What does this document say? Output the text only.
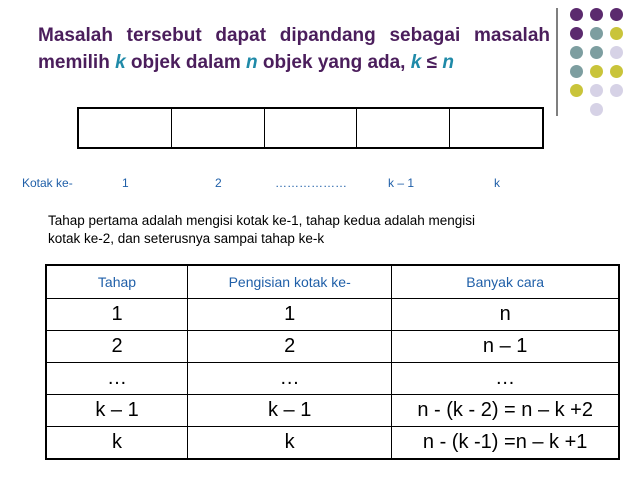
Masalah tersebut dapat dipandang sebagai masalah memilih k objek dalam n objek yang ada, k ≤ n
Kotak ke-	1	2	………………	k – 1	k
Tahap pertama adalah mengisi kotak ke-1, tahap kedua adalah mengisi
kotak ke-2, dan seterusnya sampai tahap ke-k
Tahap	Pengisian kotak ke-	Banyak cara
1	1	n
2	2	n – 1
…	…	…
k – 1	k – 1	n - (k - 2) = n – k +2
k	k	n - (k -1) =n – k +1
